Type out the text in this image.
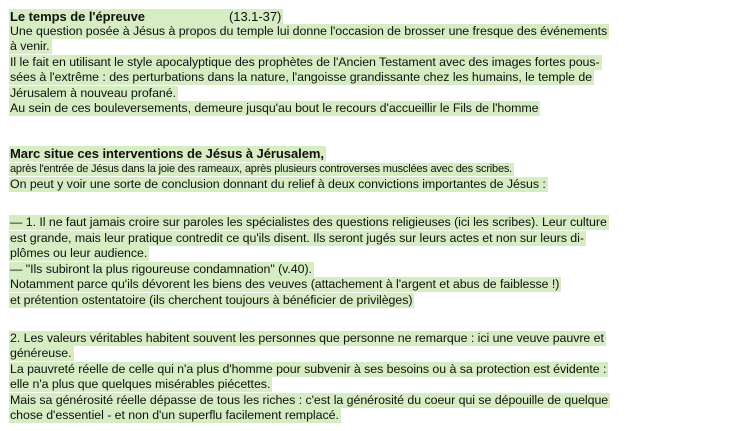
Le temps de l'épreuve	(13.1-37)
Une question posée à Jésus à propos du temple lui donne l'occasion de brosser une fresque des événements
à venir.
Il le fait en utilisant le style apocalyptique des prophètes de l'Ancien Testament avec des images fortes pous-
sées à l'extrême : des perturbations dans la nature, l'angoisse grandissante chez les humains, le temple de
Jérusalem à nouveau profané.
Au sein de ces bouleversements, demeure jusqu'au bout le recours d'accueillir le Fils de l'homme
Marc situe ces interventions de Jésus à Jérusalem,
après l'entrée de Jésus dans la joie des rameaux, après plusieurs controverses musclées avec des scribes.
On peut y voir une sorte de conclusion donnant du relief à deux convictions importantes de Jésus :
— 1. Il ne faut jamais croire sur paroles les spécialistes des questions religieuses (ici les scribes). Leur culture
est grande, mais leur pratique contredit ce qu'ils disent. Ils seront jugés sur leurs actes et non sur leurs di-
plômes ou leur audience.
— "Ils subiront la plus rigoureuse condamnation" (v.40).
Notamment parce qu'ils dévorent les biens des veuves (attachement à l'argent et abus de faiblesse !)
et prétention ostentatoire (ils cherchent toujours à bénéficier de privilèges)
2. Les valeurs véritables habitent souvent les personnes que personne ne remarque : ici une veuve pauvre et
généreuse.
La pauvreté réelle de celle qui n'a plus d'homme pour subvenir à ses besoins ou à sa protection est évidente :
elle n'a plus que quelques misérables piécettes.
Mais sa générosité réelle dépasse de tous les riches : c'est la générosité du coeur qui se dépouille de quelque
chose d'essentiel - et non d'un superflu facilement remplacé.
